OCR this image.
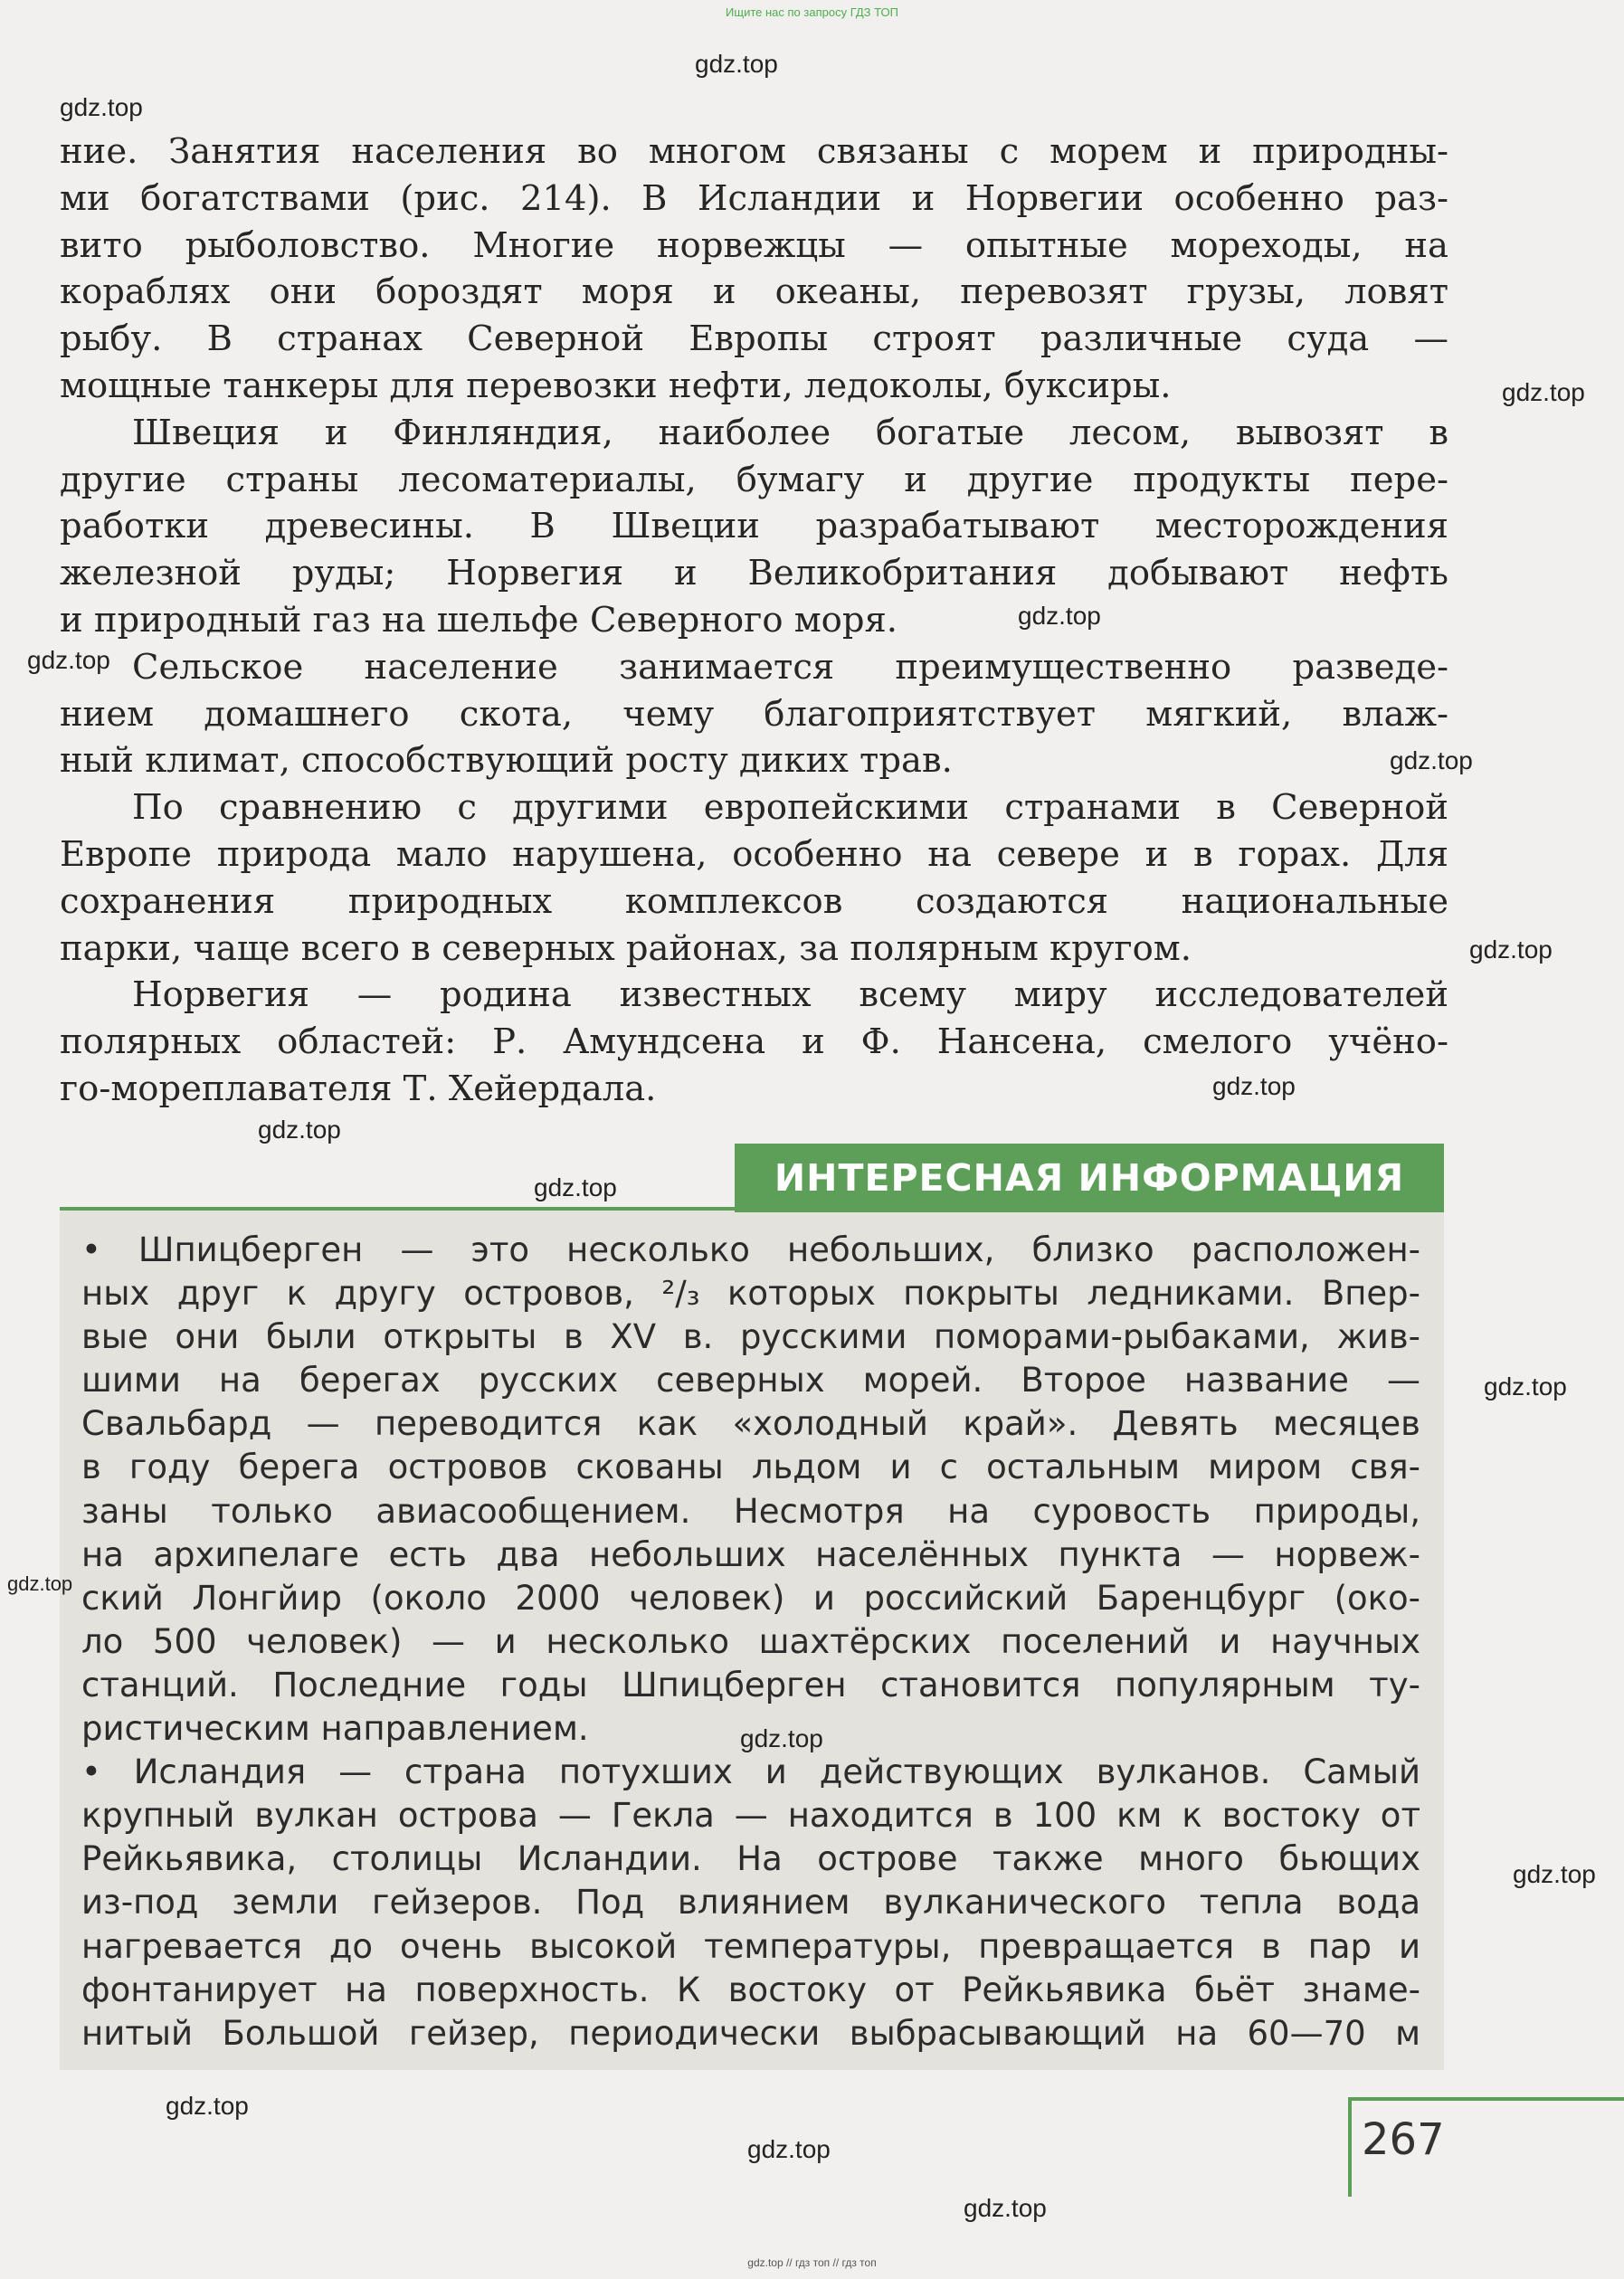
Ищите нас по запросу ГДЗ ТОП

ние. Занятия населения во многом связаны с морем и природны-
ми богатствами (рис. 214). В Исландии и Норвегии особенно раз-
вито рыболовство. Многие норвежцы — опытные мореходы, на
кораблях они бороздят моря и океаны, перевозят грузы, ловят
рыбу. В странах Северной Европы строят различные суда —
мощные танкеры для перевозки нефти, ледоколы, буксиры.

Швеция и Финляндия, наиболее богатые лесом, вывозят в
другие страны лесоматериалы, бумагу и другие продукты пере-
работки древесины. В Швеции разрабатывают месторождения
железной руды; Норвегия и Великобритания добывают нефть
и природный газ на шельфе Северного моря.

Сельское население занимается преимущественно разведе-
нием домашнего скота, чему благоприятствует мягкий, влаж-
ный климат, способствующий росту диких трав.

По сравнению с другими европейскими странами в Северной
Европе природа мало нарушена, особенно на севере и в горах. Для
сохранения природных комплексов создаются национальные
парки, чаще всего в северных районах, за полярным кругом.

Норвегия — родина известных всему миру исследователей
полярных областей: Р. Амундсена и Ф. Нансена, смелого учёно-
го-мореплавателя Т. Хейердала.

ИНТЕРЕСНАЯ ИНФОРМАЦИЯ

• Шпицберген — это несколько небольших, близко расположен-
ных друг к другу островов, ²/₃ которых покрыты ледниками. Впер-
вые они были открыты в XV в. русскими поморами-рыбаками, жив-
шими на берегах русских северных морей. Второе название —
Свальбард — переводится как «холодный край». Девять месяцев
в году берега островов скованы льдом и с остальным миром свя-
заны только авиасообщением. Несмотря на суровость природы,
на архипелаге есть два небольших населённых пункта — норвеж-
ский Лонгйир (около 2000 человек) и российский Баренцбург (око-
ло 500 человек) — и несколько шахтёрских поселений и научных
станций. Последние годы Шпицберген становится популярным ту-
ристическим направлением.

• Исландия — страна потухших и действующих вулканов. Самый
крупный вулкан острова — Гекла — находится в 100 км к востоку от
Рейкьявика, столицы Исландии. На острове также много бьющих
из-под земли гейзеров. Под влиянием вулканического тепла вода
нагревается до очень высокой температуры, превращается в пар и
фонтанирует на поверхность. К востоку от Рейкьявика бьёт знаме-
нитый Большой гейзер, периодически выбрасывающий на 60—70 м

267
gdz.top
gdz.top
gdz.top
gdz.top
gdz.top
gdz.top
gdz.top
gdz.top
gdz.top
gdz.top
gdz.top
gdz.top
gdz.top
gdz.top
gdz.top
gdz.top
gdz.top
gdz.top // гдз топ // гдз топ
